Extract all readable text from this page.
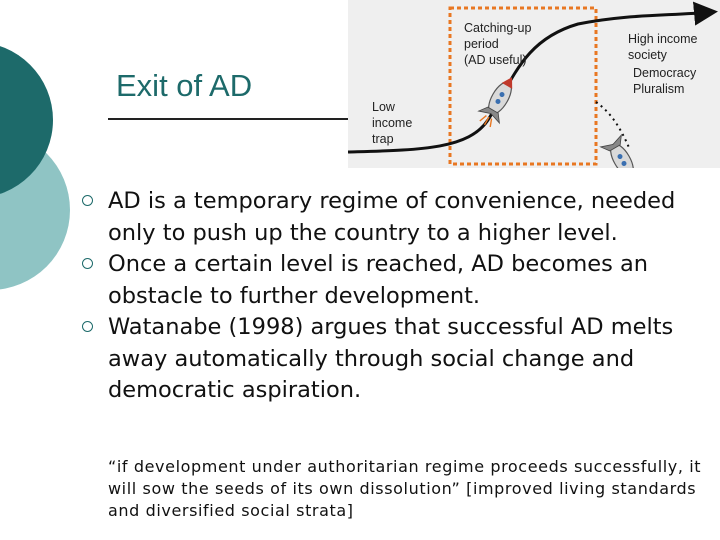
Exit of AD
Catching-up
period
(AD useful)
High income
society
Democracy
Pluralism
Low
income
trap
AD is a temporary regime of convenience, needed only to push up the country to a higher level.
Once a certain level is reached, AD becomes an obstacle to further development.
Watanabe (1998) argues that successful AD melts away automatically through social change and democratic aspiration.
“if development under authoritarian regime proceeds successfully, it will sow the seeds of its own dissolution” [improved living standards and diversified social strata]
